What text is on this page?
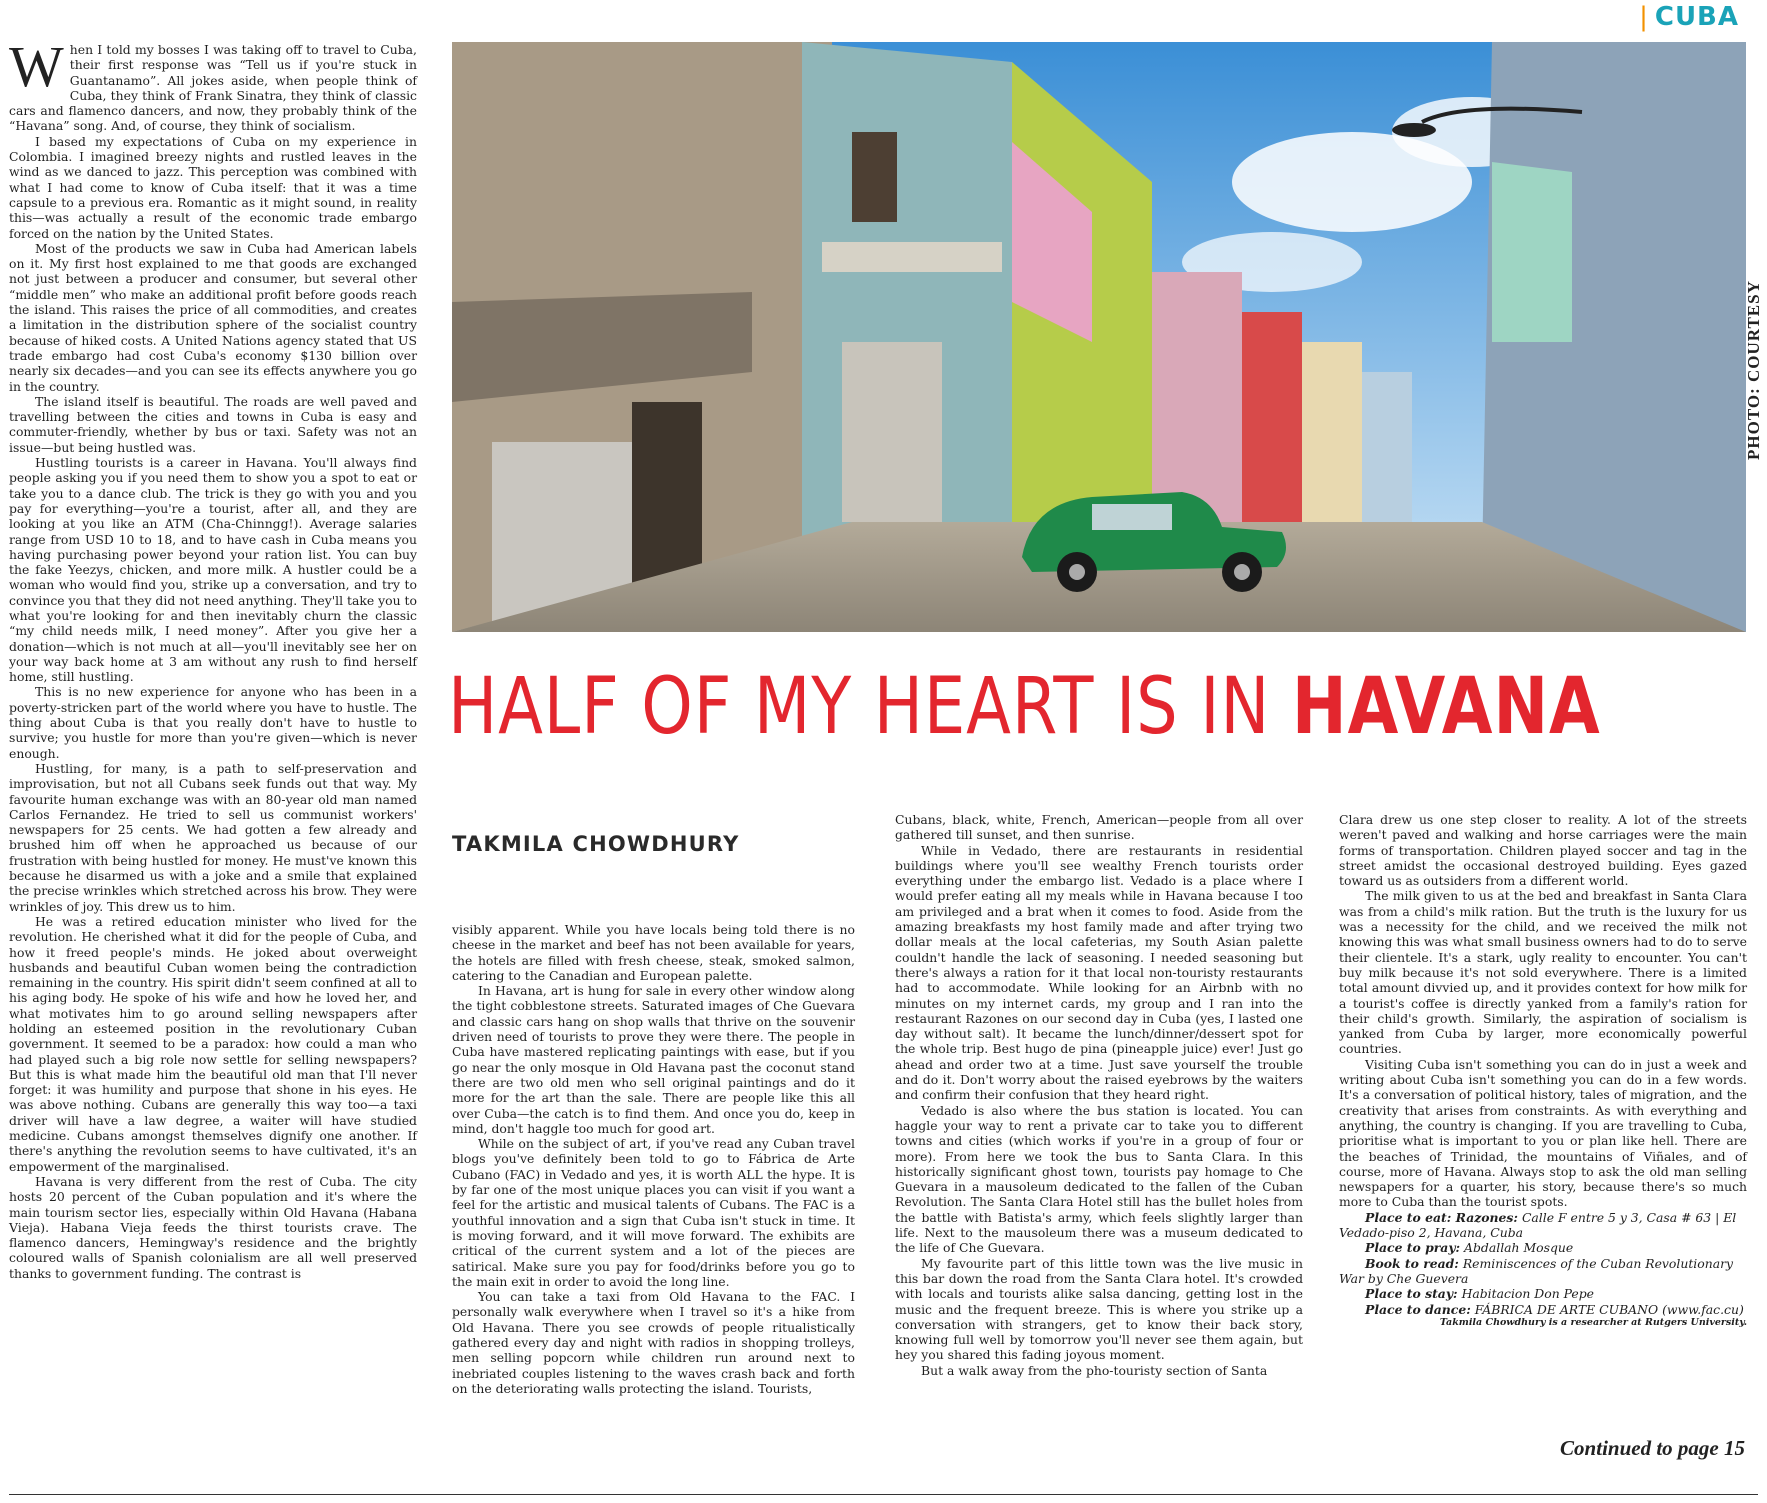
| CUBA

When I told my bosses I was taking off to travel to Cuba, their first response was “Tell us if you're stuck in Guantanamo”. All jokes aside, when people think of Cuba, they think of Frank Sinatra, they think of classic cars and flamenco dancers, and now, they probably think of the “Havana” song. And, of course, they think of socialism.

I based my expectations of Cuba on my experience in Colombia. I imagined breezy nights and rustled leaves in the wind as we danced to jazz. This perception was combined with what I had come to know of Cuba itself: that it was a time capsule to a previous era. Romantic as it might sound, in reality this—was actually a result of the economic trade embargo forced on the nation by the United States.

Most of the products we saw in Cuba had American labels on it. My first host explained to me that goods are exchanged not just between a producer and consumer, but several other “middle men” who make an additional profit before goods reach the island. This raises the price of all commodities, and creates a limitation in the distribution sphere of the socialist country because of hiked costs. A United Nations agency stated that US trade embargo had cost Cuba's economy $130 billion over nearly six decades—and you can see its effects anywhere you go in the country.

The island itself is beautiful. The roads are well paved and travelling between the cities and towns in Cuba is easy and commuter-friendly, whether by bus or taxi. Safety was not an issue—but being hustled was.

Hustling tourists is a career in Havana. You'll always find people asking you if you need them to show you a spot to eat or take you to a dance club. The trick is they go with you and you pay for everything—you're a tourist, after all, and they are looking at you like an ATM (Cha-Chinngg!). Average salaries range from USD 10 to 18, and to have cash in Cuba means you having purchasing power beyond your ration list. You can buy the fake Yeezys, chicken, and more milk. A hustler could be a woman who would find you, strike up a conversation, and try to convince you that they did not need anything. They'll take you to what you're looking for and then inevitably churn the classic “my child needs milk, I need money”. After you give her a donation—which is not much at all—you'll inevitably see her on your way back home at 3 am without any rush to find herself home, still hustling.

This is no new experience for anyone who has been in a poverty-stricken part of the world where you have to hustle. The thing about Cuba is that you really don't have to hustle to survive; you hustle for more than you're given—which is never enough.

Hustling, for many, is a path to self-preservation and improvisation, but not all Cubans seek funds out that way. My favourite human exchange was with an 80-year old man named Carlos Fernandez. He tried to sell us communist workers' newspapers for 25 cents. We had gotten a few already and brushed him off when he approached us because of our frustration with being hustled for money. He must've known this because he disarmed us with a joke and a smile that explained the precise wrinkles which stretched across his brow. They were wrinkles of joy. This drew us to him.

He was a retired education minister who lived for the revolution. He cherished what it did for the people of Cuba, and how it freed people's minds. He joked about overweight husbands and beautiful Cuban women being the contradiction remaining in the country. His spirit didn't seem confined at all to his aging body. He spoke of his wife and how he loved her, and what motivates him to go around selling newspapers after holding an esteemed position in the revolutionary Cuban government. It seemed to be a paradox: how could a man who had played such a big role now settle for selling newspapers? But this is what made him the beautiful old man that I'll never forget: it was humility and purpose that shone in his eyes. He was above nothing. Cubans are generally this way too—a taxi driver will have a law degree, a waiter will have studied medicine. Cubans amongst themselves dignify one another. If there's anything the revolution seems to have cultivated, it's an empowerment of the marginalised.

Havana is very different from the rest of Cuba. The city hosts 20 percent of the Cuban population and it's where the main tourism sector lies, especially within Old Havana (Habana Vieja). Habana Vieja feeds the thirst tourists crave. The flamenco dancers, Hemingway's residence and the brightly coloured walls of Spanish colonialism are all well preserved thanks to government funding. The contrast is

PHOTO: COURTESY
HALF OF MY HEART IS IN HAVANA
TAKMILA CHOWDHURY

visibly apparent. While you have locals being told there is no cheese in the market and beef has not been available for years, the hotels are filled with fresh cheese, steak, smoked salmon, catering to the Canadian and European palette.

In Havana, art is hung for sale in every other window along the tight cobblestone streets. Saturated images of Che Guevara and classic cars hang on shop walls that thrive on the souvenir driven need of tourists to prove they were there. The people in Cuba have mastered replicating paintings with ease, but if you go near the only mosque in Old Havana past the coconut stand there are two old men who sell original paintings and do it more for the art than the sale. There are people like this all over Cuba—the catch is to find them. And once you do, keep in mind, don't haggle too much for good art.

While on the subject of art, if you've read any Cuban travel blogs you've definitely been told to go to Fábrica de Arte Cubano (FAC) in Vedado and yes, it is worth ALL the hype. It is by far one of the most unique places you can visit if you want a feel for the artistic and musical talents of Cubans. The FAC is a youthful innovation and a sign that Cuba isn't stuck in time. It is moving forward, and it will move forward. The exhibits are critical of the current system and a lot of the pieces are satirical. Make sure you pay for food/drinks before you go to the main exit in order to avoid the long line.

You can take a taxi from Old Havana to the FAC. I personally walk everywhere when I travel so it's a hike from Old Havana. There you see crowds of people ritualistically gathered every day and night with radios in shopping trolleys, men selling popcorn while children run around next to inebriated couples listening to the waves crash back and forth on the deteriorating walls protecting the island. Tourists,

Cubans, black, white, French, American—people from all over gathered till sunset, and then sunrise.

While in Vedado, there are restaurants in residential buildings where you'll see wealthy French tourists order everything under the embargo list. Vedado is a place where I would prefer eating all my meals while in Havana because I too am privileged and a brat when it comes to food. Aside from the amazing breakfasts my host family made and after trying two dollar meals at the local cafeterias, my South Asian palette couldn't handle the lack of seasoning. I needed seasoning but there's always a ration for it that local non-touristy restaurants had to accommodate. While looking for an Airbnb with no minutes on my internet cards, my group and I ran into the restaurant Razones on our second day in Cuba (yes, I lasted one day without salt). It became the lunch/dinner/dessert spot for the whole trip. Best hugo de pina (pineapple juice) ever! Just go ahead and order two at a time. Just save yourself the trouble and do it. Don't worry about the raised eyebrows by the waiters and confirm their confusion that they heard right.

Vedado is also where the bus station is located. You can haggle your way to rent a private car to take you to different towns and cities (which works if you're in a group of four or more). From here we took the bus to Santa Clara. In this historically significant ghost town, tourists pay homage to Che Guevara in a mausoleum dedicated to the fallen of the Cuban Revolution. The Santa Clara Hotel still has the bullet holes from the battle with Batista's army, which feels slightly larger than life. Next to the mausoleum there was a museum dedicated to the life of Che Guevara.

My favourite part of this little town was the live music in this bar down the road from the Santa Clara hotel. It's crowded with locals and tourists alike salsa dancing, getting lost in the music and the frequent breeze. This is where you strike up a conversation with strangers, get to know their back story, knowing full well by tomorrow you'll never see them again, but hey you shared this fading joyous moment.

But a walk away from the pho-touristy section of Santa

Clara drew us one step closer to reality. A lot of the streets weren't paved and walking and horse carriages were the main forms of transportation. Children played soccer and tag in the street amidst the occasional destroyed building. Eyes gazed toward us as outsiders from a different world.

The milk given to us at the bed and breakfast in Santa Clara was from a child's milk ration. But the truth is the luxury for us was a necessity for the child, and we received the milk not knowing this was what small business owners had to do to serve their clientele. It's a stark, ugly reality to encounter. You can't buy milk because it's not sold everywhere. There is a limited total amount divvied up, and it provides context for how milk for a tourist's coffee is directly yanked from a family's ration for their child's growth. Similarly, the aspiration of socialism is yanked from Cuba by larger, more economically powerful countries.

Visiting Cuba isn't something you can do in just a week and writing about Cuba isn't something you can do in a few words. It's a conversation of political history, tales of migration, and the creativity that arises from constraints. As with everything and anything, the country is changing. If you are travelling to Cuba, prioritise what is important to you or plan like hell. There are the beaches of Trinidad, the mountains of Viñales, and of course, more of Havana. Always stop to ask the old man selling newspapers for a quarter, his story, because there's so much more to Cuba than the tourist spots.

Place to eat: Razones: Calle F entre 5 y 3, Casa # 63 | El Vedado-piso 2, Havana, Cuba

Place to pray: Abdallah Mosque

Book to read: Reminiscences of the Cuban Revolutionary War by Che Guevera

Place to stay: Habitacion Don Pepe

Place to dance: FÁBRICA DE ARTE CUBANO (www.fac.cu)

Takmila Chowdhury is a researcher at Rutgers University.

Continued to page 15
